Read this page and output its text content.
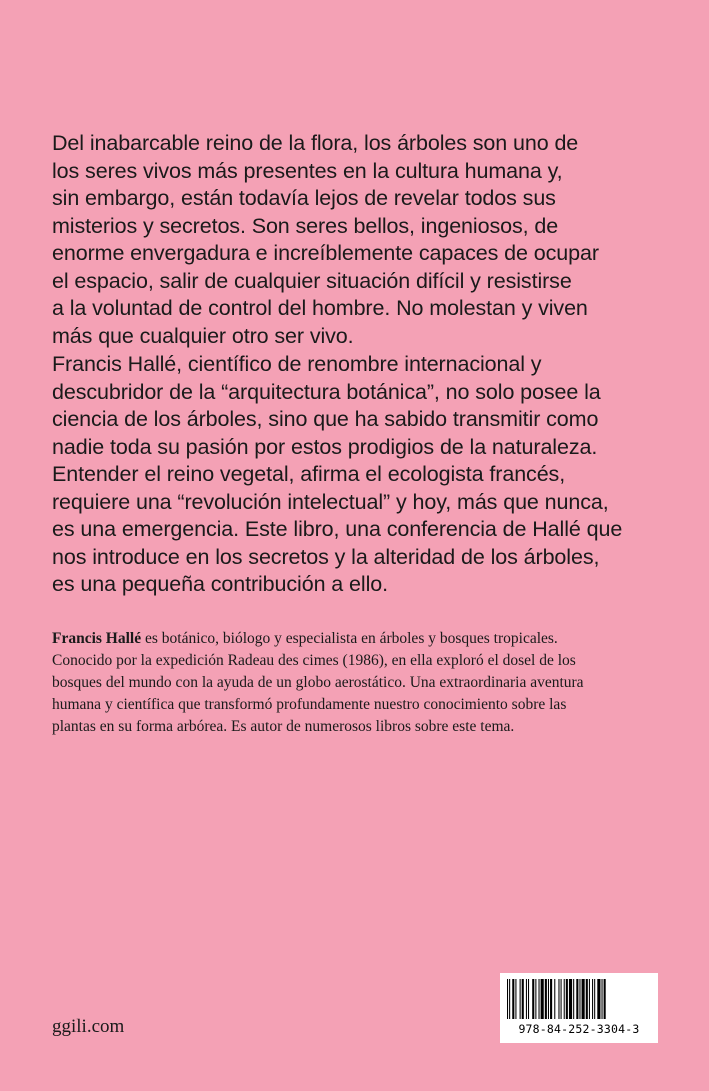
Del inabarcable reino de la flora, los árboles son uno de
los seres vivos más presentes en la cultura humana y,
sin embargo, están todavía lejos de revelar todos sus
misterios y secretos. Son seres bellos, ingeniosos, de
enorme envergadura e increíblemente capaces de ocupar
el espacio, salir de cualquier situación difícil y resistirse
a la voluntad de control del hombre. No molestan y viven
más que cualquier otro ser vivo.
Francis Hallé, científico de renombre internacional y
descubridor de la “arquitectura botánica”, no solo posee la
ciencia de los árboles, sino que ha sabido transmitir como
nadie toda su pasión por estos prodigios de la naturaleza.
Entender el reino vegetal, afirma el ecologista francés,
requiere una “revolución intelectual” y hoy, más que nunca,
es una emergencia. Este libro, una conferencia de Hallé que
nos introduce en los secretos y la alteridad de los árboles,
es una pequeña contribución a ello.
Francis Hallé es botánico, biólogo y especialista en árboles y bosques tropicales.
Conocido por la expedición Radeau des cimes (1986), en ella exploró el dosel de los
bosques del mundo con la ayuda de un globo aerostático. Una extraordinaria aventura
humana y científica que transformó profundamente nuestro conocimiento sobre las
plantas en su forma arbórea. Es autor de numerosos libros sobre este tema.
ggili.com	978-84-252-3304-3
